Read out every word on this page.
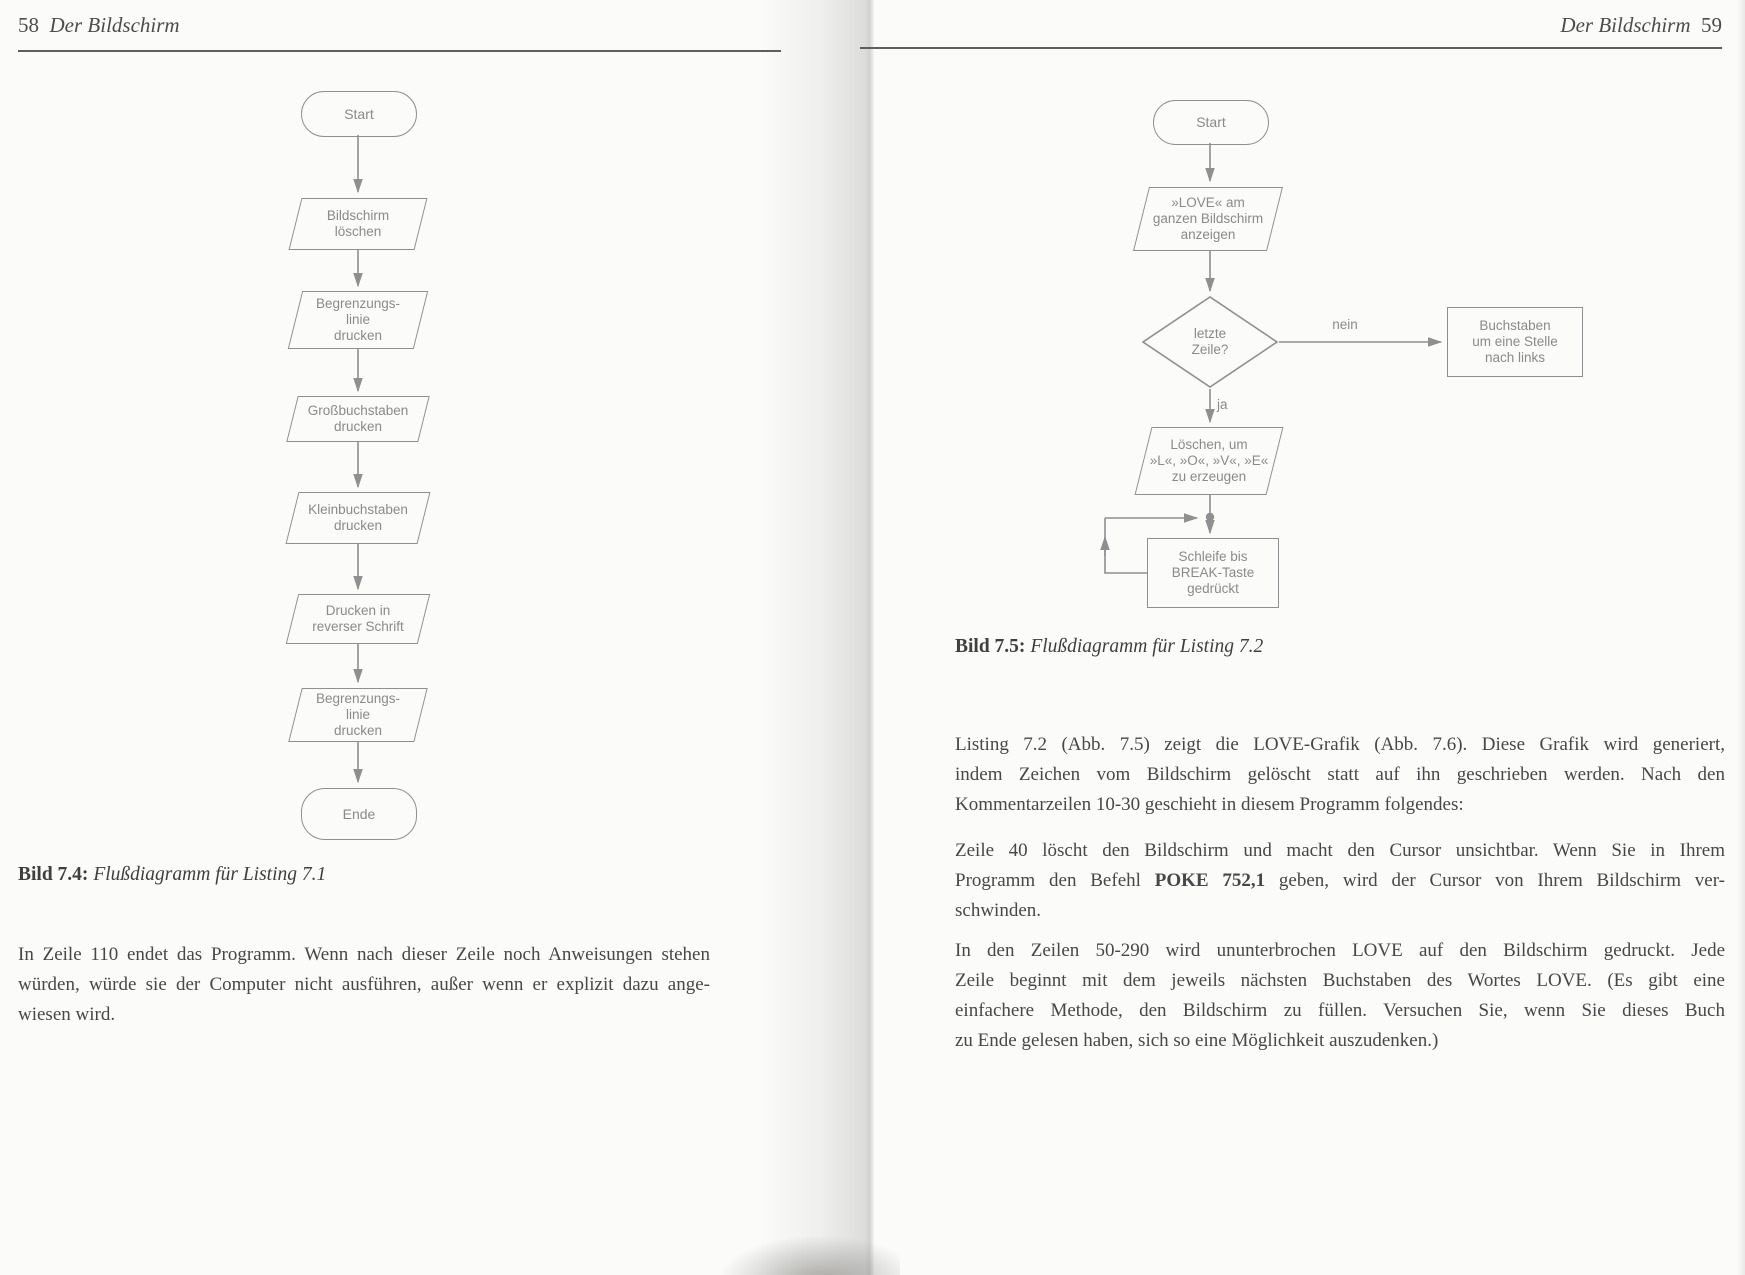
58 Der Bildschirm	Der Bildschirm 59
Start
Bildschirm
löschen
Begrenzungs-
linie
drucken
Großbuchstaben
drucken
Kleinbuchstaben
drucken
Drucken in
reverser Schrift
Begrenzungs-
linie
drucken
Ende
Bild 7.4: Flußdiagramm für Listing 7.1
In Zeile 110 endet das Programm. Wenn nach dieser Zeile noch Anweisungen stehen
würden, würde sie der Computer nicht ausführen, außer wenn er explizit dazu ange-
wiesen wird.
Start
»LOVE« am
ganzen Bildschirm
anzeigen
letzte
Zeile?
nein
ja
Buchstaben
um eine Stelle
nach links
Löschen, um
»L«, »O«, »V«, »E«
zu erzeugen
Schleife bis
BREAK-Taste
gedrückt
Bild 7.5: Flußdiagramm für Listing 7.2
Listing 7.2 (Abb. 7.5) zeigt die LOVE-Grafik (Abb. 7.6). Diese Grafik wird generiert,
indem Zeichen vom Bildschirm gelöscht statt auf ihn geschrieben werden. Nach den
Kommentarzeilen 10-30 geschieht in diesem Programm folgendes:
Zeile 40 löscht den Bildschirm und macht den Cursor unsichtbar. Wenn Sie in Ihrem
Programm den Befehl POKE 752,1 geben, wird der Cursor von Ihrem Bildschirm ver-
schwinden.
In den Zeilen 50-290 wird ununterbrochen LOVE auf den Bildschirm gedruckt. Jede
Zeile beginnt mit dem jeweils nächsten Buchstaben des Wortes LOVE. (Es gibt eine
einfachere Methode, den Bildschirm zu füllen. Versuchen Sie, wenn Sie dieses Buch
zu Ende gelesen haben, sich so eine Möglichkeit auszudenken.)
